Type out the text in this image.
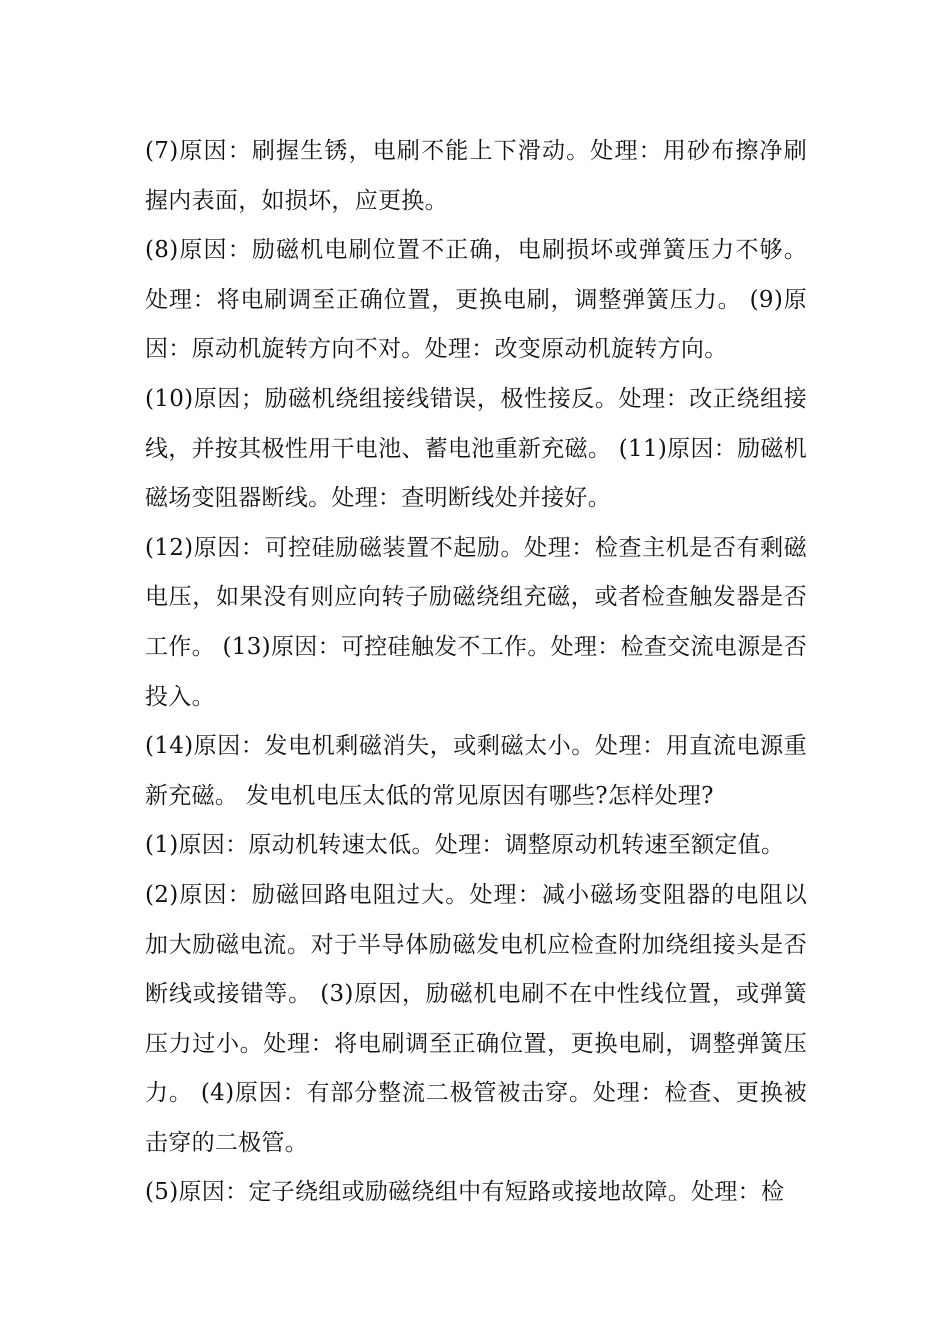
(7)原因：刷握生锈，电刷不能上下滑动。处理：用砂布擦净刷握内表面，如损坏，应更换。

(8)原因：励磁机电刷位置不正确，电刷损坏或弹簧压力不够。处理：将电刷调至正确位置，更换电刷，调整弹簧压力。 (9)原因：原动机旋转方向不对。处理：改变原动机旋转方向。

(10)原因；励磁机绕组接线错误，极性接反。处理：改正绕组接线，并按其极性用干电池、蓄电池重新充磁。 (11)原因：励磁机磁场变阻器断线。处理：查明断线处并接好。

(12)原因：可控硅励磁装置不起励。处理：检查主机是否有剩磁电压，如果没有则应向转子励磁绕组充磁，或者检查触发器是否工作。 (13)原因：可控硅触发不工作。处理：检查交流电源是否投入。

(14)原因：发电机剩磁消失，或剩磁太小。处理：用直流电源重新充磁。 发电机电压太低的常见原因有哪些?怎样处理?

(1)原因：原动机转速太低。处理：调整原动机转速至额定值。

(2)原因：励磁回路电阻过大。处理：减小磁场变阻器的电阻以加大励磁电流。对于半导体励磁发电机应检查附加绕组接头是否断线或接错等。 (3)原因，励磁机电刷不在中性线位置，或弹簧压力过小。处理：将电刷调至正确位置，更换电刷，调整弹簧压力。 (4)原因：有部分整流二极管被击穿。处理：检查、更换被击穿的二极管。

(5)原因：定子绕组或励磁绕组中有短路或接地故障。处理：检
